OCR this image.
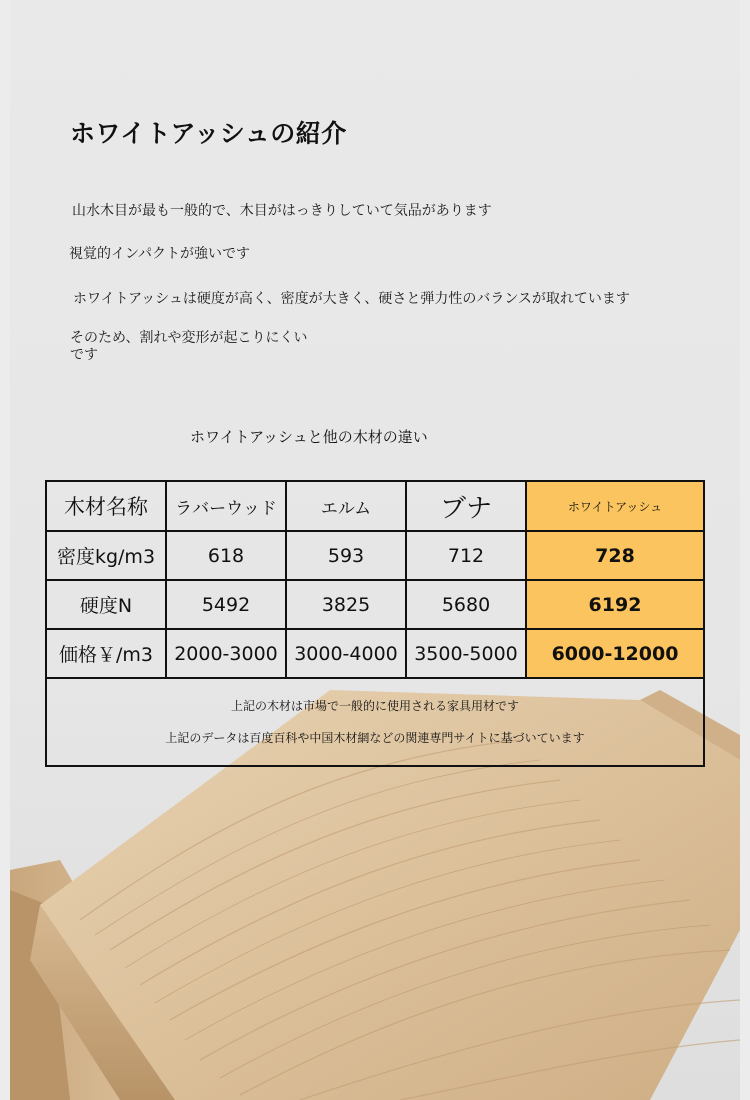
ホワイトアッシュの紹介
山水木目が最も一般的で、木目がはっきりしていて気品があります
視覚的インパクトが強いです
ホワイトアッシュは硬度が高く、密度が大きく、硬さと弾力性のバランスが取れています
そのため、割れや変形が起こりにくいです
ホワイトアッシュと他の木材の違い
木材名称	ラバーウッド	エルム	ブナ	ホワイトアッシュ
密度kg/m3	618	593	712	728
硬度N	5492	3825	5680	6192
価格￥/m3	2000-3000	3000-4000	3500-5000	6000-12000

上記の木材は市場で一般的に使用される家具用材です
上記のデータは百度百科や中国木材網などの関連専門サイトに基づいています				
